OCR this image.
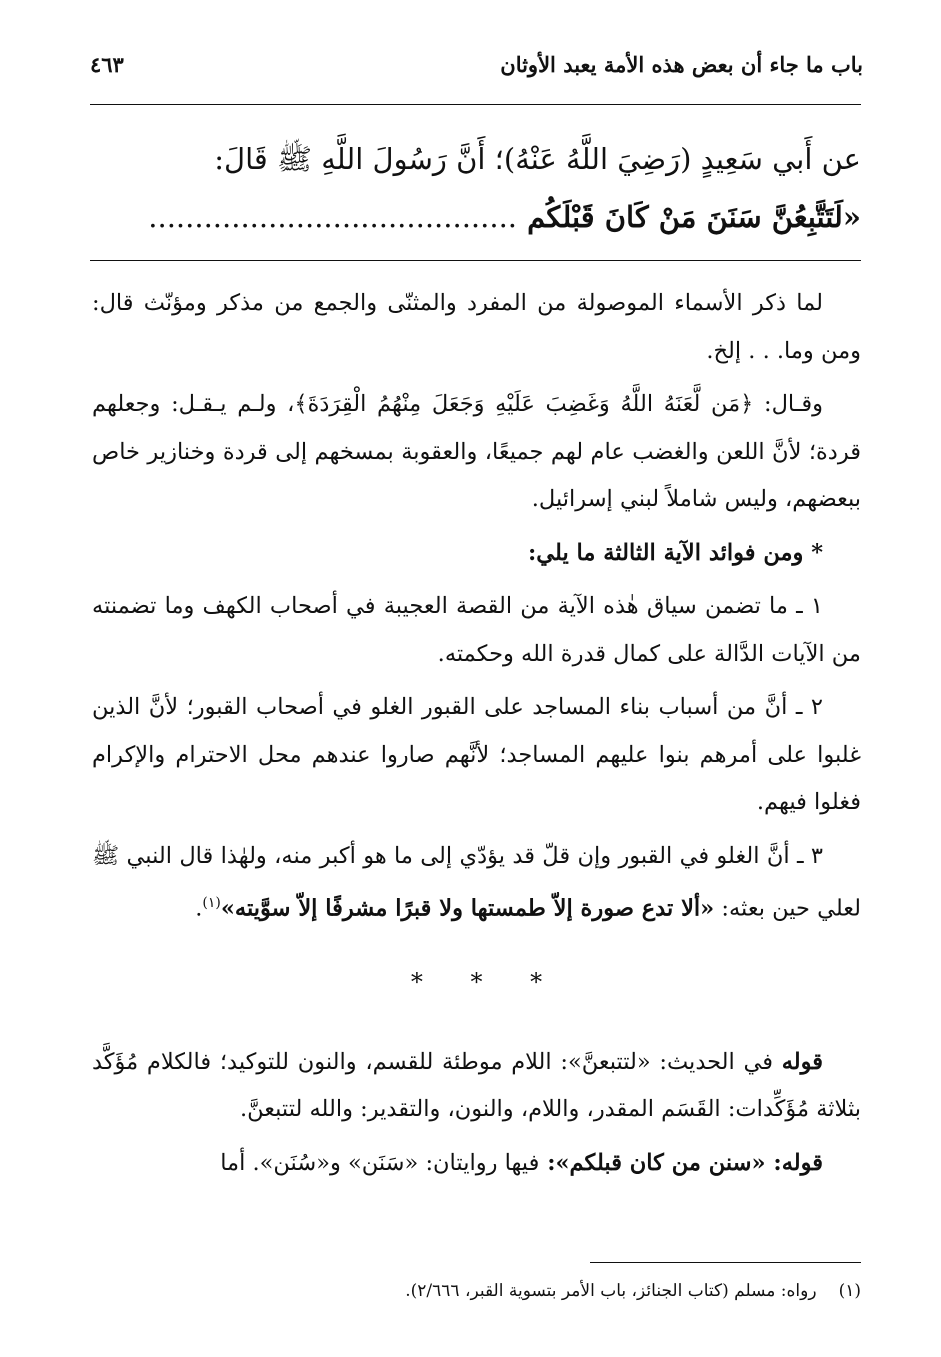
باب ما جاء أن بعض هذه الأمة يعبد الأوثان
٤٦٣
عن أَبي سَعِيدٍ (رَضِيَ اللَّهُ عَنْهُ)؛ أَنَّ رَسُولَ اللَّهِ ﷺ قَالَ:
«لَتَتَّبِعُنَّ سَنَنَ مَنْ كَانَ قَبْلَكُم ........................................

لما ذكر الأسماء الموصولة من المفرد والمثنّى والجمع من مذكر ومؤنّث قال: ومن وما. . . إلخ.

وقـال: ﴿مَن لَّعَنَهُ اللَّهُ وَغَضِبَ عَلَيْهِ وَجَعَلَ مِنْهُمُ الْقِرَدَةَ﴾، ولـم يـقـل: وجعلهم قردة؛ لأنَّ اللعن والغضب عام لهم جميعًا، والعقوبة بمسخهم إلى قردة وخنازير خاص ببعضهم، وليس شاملاً لبني إسرائيل.

* ومن فوائد الآية الثالثة ما يلي:

١ ـ ما تضمن سياق هٰذه الآية من القصة العجيبة في أصحاب الكهف وما تضمنته من الآيات الدَّالة على كمال قدرة الله وحكمته.

٢ ـ أنَّ من أسباب بناء المساجد على القبور الغلو في أصحاب القبور؛ لأنَّ الذين غلبوا على أمرهم بنوا عليهم المساجد؛ لأنَّهم صاروا عندهم محل الاحترام والإكرام فغلوا فيهم.

٣ ـ أنَّ الغلو في القبور وإن قلّ قد يؤدّي إلى ما هو أكبر منه، ولهٰذا قال النبي ﷺ لعلي حين بعثه: «ألا تدع صورة إلاّ طمستها ولا قبرًا مشرفًا إلاّ سوَّيته»$^{(١)}$.

* * *

قوله في الحديث: «لتتبعنَّ»: اللام موطئة للقسم، والنون للتوكيد؛ فالكلام مُؤَكَّد بثلاثة مُؤَكِّدات: القَسَم المقدر، واللام، والنون، والتقدير: والله لتتبعنَّ.

قوله: «سنن من كان قبلكم»: فيها روايتان: «سَنَن» و«سُنَن». أما

(١)رواه: مسلم (كتاب الجنائز، باب الأمر بتسوية القبر، ٢/٦٦٦).
